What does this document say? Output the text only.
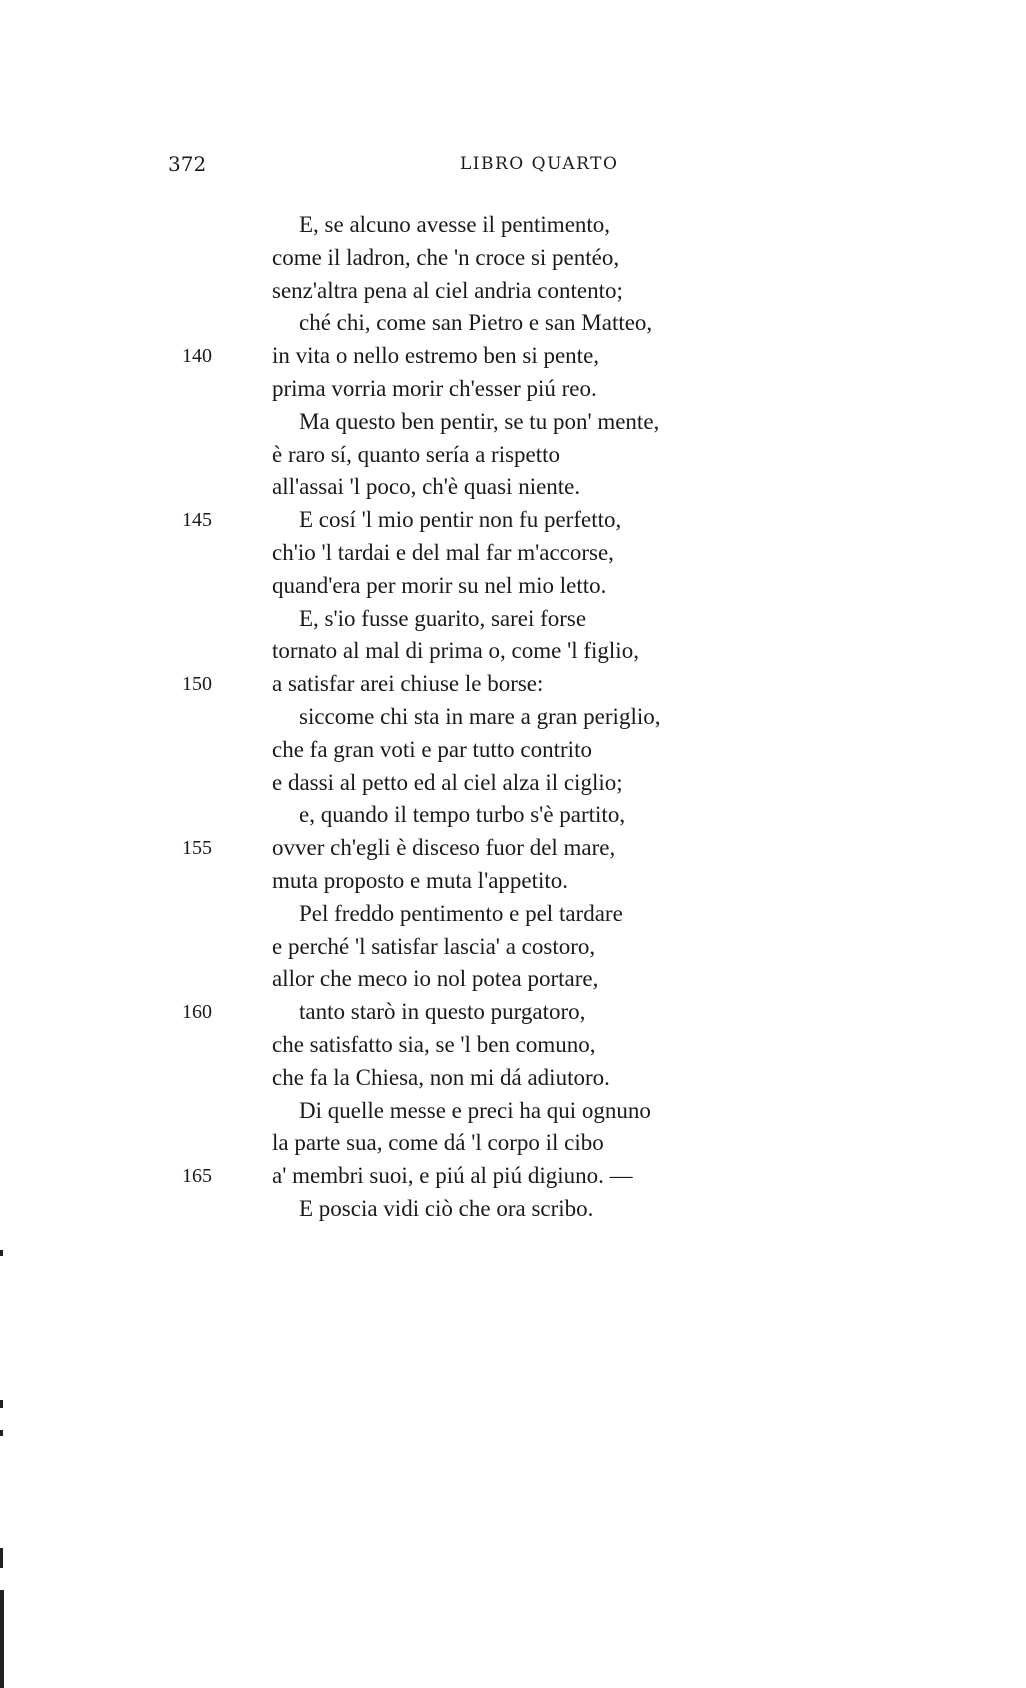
372	LIBRO QUARTO
E, se alcuno avesse il pentimento,
come il ladron, che 'n croce si pentéo,
senz'altra pena al ciel andria contento;
ché chi, come san Pietro e san Matteo,
in vita o nello estremo ben si pente,
140
prima vorria morir ch'esser piú reo.
Ma questo ben pentir, se tu pon' mente,
è raro sí, quanto sería a rispetto
all'assai 'l poco, ch'è quasi niente.
E cosí 'l mio pentir non fu perfetto,
145
ch'io 'l tardai e del mal far m'accorse,
quand'era per morir su nel mio letto.
E, s'io fusse guarito, sarei forse
tornato al mal di prima o, come 'l figlio,
a satisfar arei chiuse le borse:
150
siccome chi sta in mare a gran periglio,
che fa gran voti e par tutto contrito
e dassi al petto ed al ciel alza il ciglio;
e, quando il tempo turbo s'è partito,
ovver ch'egli è disceso fuor del mare,
155
muta proposto e muta l'appetito.
Pel freddo pentimento e pel tardare
e perché 'l satisfar lascia' a costoro,
allor che meco io nol potea portare,
tanto starò in questo purgatoro,
160
che satisfatto sia, se 'l ben comuno,
che fa la Chiesa, non mi dá adiutoro.
Di quelle messe e preci ha qui ognuno
la parte sua, come dá 'l corpo il cibo
a' membri suoi, e piú al piú digiuno. —
165
E poscia vidi ciò che ora scribo.
